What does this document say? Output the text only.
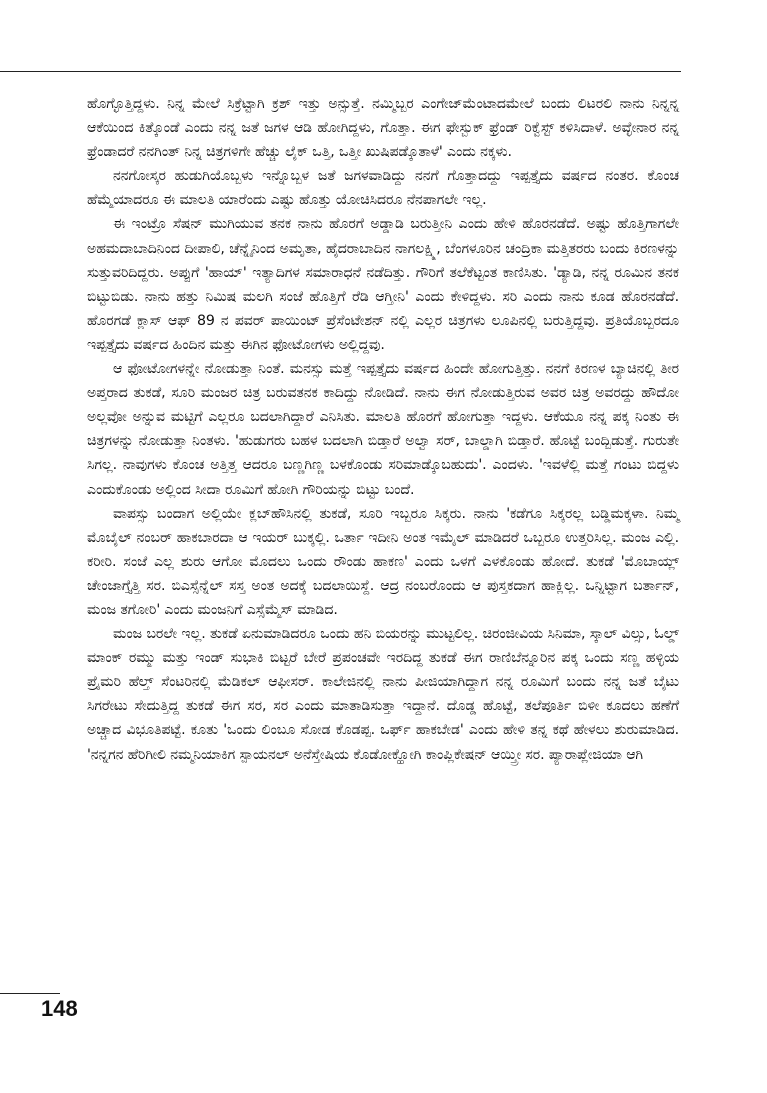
ಹೊಗ್ಳೊತ್ತಿದ್ದಳು. ನಿನ್ನ ಮೇಲೆ ಸಿಕ್ರೆಟ್ಟಾಗಿ ಕ್ರಶ್ ಇತ್ತು ಅನ್ಸುತ್ತೆ. ನಮ್ಮಿಬ್ಬರ ಎಂಗೇಜ್‌ಮೆಂಟಾದಮೇಲೆ ಬಂದು ಲಿಟರಲಿ ನಾನು ನಿನ್ನನ್ನ ಆಕೆಯಿಂದ ಕಿತ್ಕೊಂಡೆ ಎಂದು ನನ್ನ ಜತೆ ಜಗಳ ಆಡಿ ಹೋಗಿದ್ದಳು, ಗೊತ್ತಾ. ಈಗ ಫೇಸ್ಬುಕ್ ಫ್ರೆಂಡ್ ರಿಕ್ವೆಸ್ಟ್ ಕಳಿಸಿದಾಳೆ. ಅವ್ಳೇನಾರ ನನ್ನ ಫ್ರೆಂಡಾದರೆ ನನಗಿಂತ್ ನಿನ್ನ ಚಿತ್ರಗಳಿಗೇ ಹೆಚ್ಚು ಲೈಕ್ ಒತ್ತಿ, ಒತ್ತೀ ಖುಷಿಪಡ್ಕೊತಾಳೆ' ಎಂದು ನಕ್ಕಳು.

ನನಗೋಸ್ಕರ ಹುಡುಗಿಯೊಬ್ಬಳು ಇನ್ನೊಬ್ಬಳ ಜತೆ ಜಗಳವಾಡಿದ್ದು ನನಗೆ ಗೊತ್ತಾದದ್ದು ಇಪ್ಪತ್ತೈದು ವರ್ಷದ ನಂತರ. ಕೊಂಚ ಹೆಮ್ಮೆಯಾದರೂ ಈ ಮಾಲತಿ ಯಾರೆಂದು ಎಷ್ಟು ಹೊತ್ತು ಯೋಚಿಸಿದರೂ ನೆನಪಾಗಲೇ ಇಲ್ಲ.

ಈ ಇಂಟ್ರೊ ಸೆಷನ್ ಮುಗಿಯುವ ತನಕ ನಾನು ಹೊರಗೆ ಅಡ್ಡಾಡಿ ಬರುತ್ತೀನಿ ಎಂದು ಹೇಳಿ ಹೊರನಡೆದೆ. ಅಷ್ಟು ಹೊತ್ತಿಗಾಗಲೇ ಅಹಮದಾಬಾದಿನಿಂದ ದೀಪಾಲಿ, ಚೆನ್ನೈನಿಂದ ಅಮೃತಾ, ಹೈದರಾಬಾದಿನ ನಾಗಲಕ್ಷ್ಮಿ, ಬೆಂಗಳೂರಿನ ಚಂದ್ರಿಕಾ ಮತ್ತಿತರರು ಬಂದು ಕಿರಣಳನ್ನು ಸುತ್ತುವರಿದಿದ್ದರು. ಅಪ್ಪುಗೆ 'ಹಾಯ್' ಇತ್ಯಾದಿಗಳ ಸಮಾರಾಧನೆ ನಡೆದಿತ್ತು. ಗೌರಿಗೆ ತಲೆಕೆಟ್ಟಂತ ಕಾಣಿಸಿತು. 'ಡ್ಯಾಡಿ, ನನ್ನ ರೂಮಿನ ತನಕ ಬಿಟ್ಟುಬಿಡು. ನಾನು ಹತ್ತು ನಿಮಿಷ ಮಲಗಿ ಸಂಜೆ ಹೊತ್ತಿಗೆ ರೆಡಿ ಆಗ್ತೀನಿ' ಎಂದು ಕೇಳಿದ್ದಳು. ಸರಿ ಎಂದು ನಾನು ಕೂಡ ಹೊರನಡೆದೆ. ಹೊರಗಡೆ ಕ್ಲಾಸ್ ಆಫ್ 89 ನ ಪವರ್ ಪಾಯಿಂಟ್ ಪ್ರೆಸೆಂಟೇಶನ್ ನಲ್ಲಿ ಎಲ್ಲರ ಚಿತ್ರಗಳು ಲೂಪಿನಲ್ಲಿ ಬರುತ್ತಿದ್ದವು. ಪ್ರತಿಯೊಬ್ಬರದೂ ಇಪ್ಪತ್ತೈದು ವರ್ಷದ ಹಿಂದಿನ ಮತ್ತು ಈಗಿನ ಫೋಟೋಗಳು ಅಲ್ಲಿದ್ದವು.

ಆ ಫೋಟೋಗಳನ್ನೇ ನೋಡುತ್ತಾ ನಿಂತೆ. ಮನಸ್ಸು ಮತ್ತೆ ಇಪ್ಪತ್ತೈದು ವರ್ಷದ ಹಿಂದೇ ಹೋಗುತ್ತಿತ್ತು. ನನಗೆ ಕಿರಣಳ ಬ್ಯಾಚಿನಲ್ಲಿ ತೀರ ಅಪ್ತರಾದ ತುಕಡೆ, ಸೂರಿ ಮಂಜರ ಚಿತ್ರ ಬರುವತನಕ ಕಾದಿದ್ದು ನೋಡಿದೆ. ನಾನು ಈಗ ನೋಡುತ್ತಿರುವ ಅವರ ಚಿತ್ರ ಅವರದ್ದು ಹೌದೋ ಅಲ್ಲವೋ ಅನ್ನುವ ಮಟ್ಟಿಗೆ ಎಲ್ಲರೂ ಬದಲಾಗಿದ್ದಾರೆ ಎನಿಸಿತು. ಮಾಲತಿ ಹೊರಗೆ ಹೋಗುತ್ತಾ ಇದ್ದಳು. ಆಕೆಯೂ ನನ್ನ ಪಕ್ಕ ನಿಂತು ಈ ಚಿತ್ರಗಳನ್ನು ನೋಡುತ್ತಾ ನಿಂತಳು. 'ಹುಡುಗರು ಬಹಳ ಬದಲಾಗಿ ಬಿಡ್ತಾರೆ ಅಲ್ವಾ ಸರ್, ಬಾಲ್ಡಾಗಿ ಬಿಡ್ತಾರೆ. ಹೊಟ್ಟೆ ಬಂದ್ಬಿಡುತ್ತೆ. ಗುರುತೇ ಸಿಗಲ್ಲ. ನಾವುಗಳು ಕೊಂಚ ಅತ್ತಿತ್ತ ಆದರೂ ಬಣ್ಣಗಿಣ್ಣ ಬಳಕೊಂಡು ಸರಿಮಾಡ್ಕೊಬಹುದು'. ಎಂದಳು. 'ಇವಳೆಲ್ಲಿ ಮತ್ತೆ ಗಂಟು ಬಿದ್ದಳು ಎಂದುಕೊಂಡು ಅಲ್ಲಿಂದ ಸೀದಾ ರೂಮಿಗೆ ಹೋಗಿ ಗೌರಿಯನ್ನು ಬಿಟ್ಟು ಬಂದೆ.

ವಾಪಸ್ಸು ಬಂದಾಗ ಅಲ್ಲಿಯೇ ಕ್ಲಬ್‌ಹೌಸಿನಲ್ಲಿ ತುಕಡೆ, ಸೂರಿ ಇಬ್ಬರೂ ಸಿಕ್ಕರು. ನಾನು 'ಕಡೆಗೂ ಸಿಕ್ಕರಲ್ಲ ಬಡ್ಡಿಮಕ್ಕಳಾ. ನಿಮ್ಮ ಮೊಬೈಲ್ ನಂಬರ್ ಹಾಕಬಾರದಾ ಆ ಇಯರ್ ಬುಕ್ಕಲ್ಲಿ. ಒರ್ತಾ ಇದೀನಿ ಅಂತ ಇಮೈಲ್ ಮಾಡಿದರೆ ಒಬ್ಬರೂ ಉತ್ತರಿಸಿಲ್ಲ. ಮಂಜ ಎಲ್ಲಿ. ಕರೀರಿ. ಸಂಜೆ ಎಲ್ಲ ಶುರು ಆಗೋ ಮೊದಲು ಒಂದು ರೌಂಡು ಹಾಕಣ' ಎಂದು ಒಳಗೆ ಎಳಕೊಂಡು ಹೋದೆ. ತುಕಡೆ 'ಮೊಬಾಯ್ಲ್ ಚೇಂಜಾಗ್ತೈತ್ತಿ ಸರ. ಬಿಎಸ್ಸೆನ್ನೆಲ್ ಸಸ್ತ ಅಂತ ಅದಕ್ಕೆ ಬದಲಾಯಿಸ್ದೆ. ಆದ್ರ ನಂಬರೊಂದು ಆ ಪುಸ್ತಕದಾಗ ಹಾಕ್ಲಿಲ್ಲ. ಒನ್ನಿಟ್ಟಾಗ ಬರ್ತಾನ್, ಮಂಜ ತಗೋರಿ' ಎಂದು ಮಂಜನಿಗೆ ಎಸ್ಸೆಮ್ಮೆಸ್ ಮಾಡಿದ.

ಮಂಜ ಬರಲೇ ಇಲ್ಲ. ತುಕಡೆ ಏನುಮಾಡಿದರೂ ಒಂದು ಹನಿ ಬಿಯರನ್ನು ಮುಟ್ಟಲಿಲ್ಲ. ಚಿರಂಜೀವಿಯ ಸಿನಿಮಾ, ಸ್ಕಾಲ್ ವಿಲ್ಸು, ಓಲ್ಡ್ ಮಾಂಕ್ ರಮ್ಮು ಮತ್ತು ಇಂಡ್ ಸುಭಾಕಿ ಬಿಟ್ಟರೆ ಬೇರೆ ಪ್ರಪಂಚವೇ ಇರದಿದ್ದ ತುಕಡೆ ಈಗ ರಾಣಿಬೆನ್ನೂರಿನ ಪಕ್ಕ ಒಂದು ಸಣ್ಣ ಹಳ್ಳಿಯ ಪ್ರೈಮರಿ ಹೆಲ್ತ್ ಸೆಂಟರಿನಲ್ಲಿ ಮೆಡಿಕಲ್ ಆಫೀಸರ್. ಕಾಲೇಜಿನಲ್ಲಿ ನಾನು ಪೀಜಿಯಾಗಿದ್ದಾಗ ನನ್ನ ರೂಮಿಗೆ ಬಂದು ನನ್ನ ಜತೆ ಬೈಟು ಸಿಗರೇಟು ಸೇದುತ್ತಿದ್ದ ತುಕಡೆ ಈಗ ಸರ, ಸರ ಎಂದು ಮಾತಾಡಿಸುತ್ತಾ ಇದ್ದಾನೆ. ದೊಡ್ಡ ಹೊಟ್ಟೆ, ತಲೆಪೂರ್ತಿ ಬಿಳೀ ಕೂದಲು ಹಣೆಗೆ ಅಚ್ಚಾದ ವಿಭೂತಿಪಟ್ಟೆ. ಕೂತು 'ಒಂದು ಲಿಂಬೂ ಸೋಡ ಕೊಡಪ್ಪ. ಒರ್ಫ್ ಹಾಕಬೇಡ' ಎಂದು ಹೇಳಿ ತನ್ನ ಕಥೆ ಹೇಳಲು ಶುರುಮಾಡಿದ. 'ನನ್ನಗನ ಹೆರಿಗೀಲಿ ನಮ್ಮನಿಯಾಕಿಗ ಸ್ಪಾಯನಲ್ ಅನೆಸ್ತೇಷಿಯ ಕೊಡೋಕ್ಹೋಗಿ ಕಾಂಪ್ಲಿಕೇಷನ್ ಆಯ್ತ್ರೀ ಸರ. ಪ್ಯಾರಾಪ್ಲೇಜಿಯಾ ಆಗಿ

148
